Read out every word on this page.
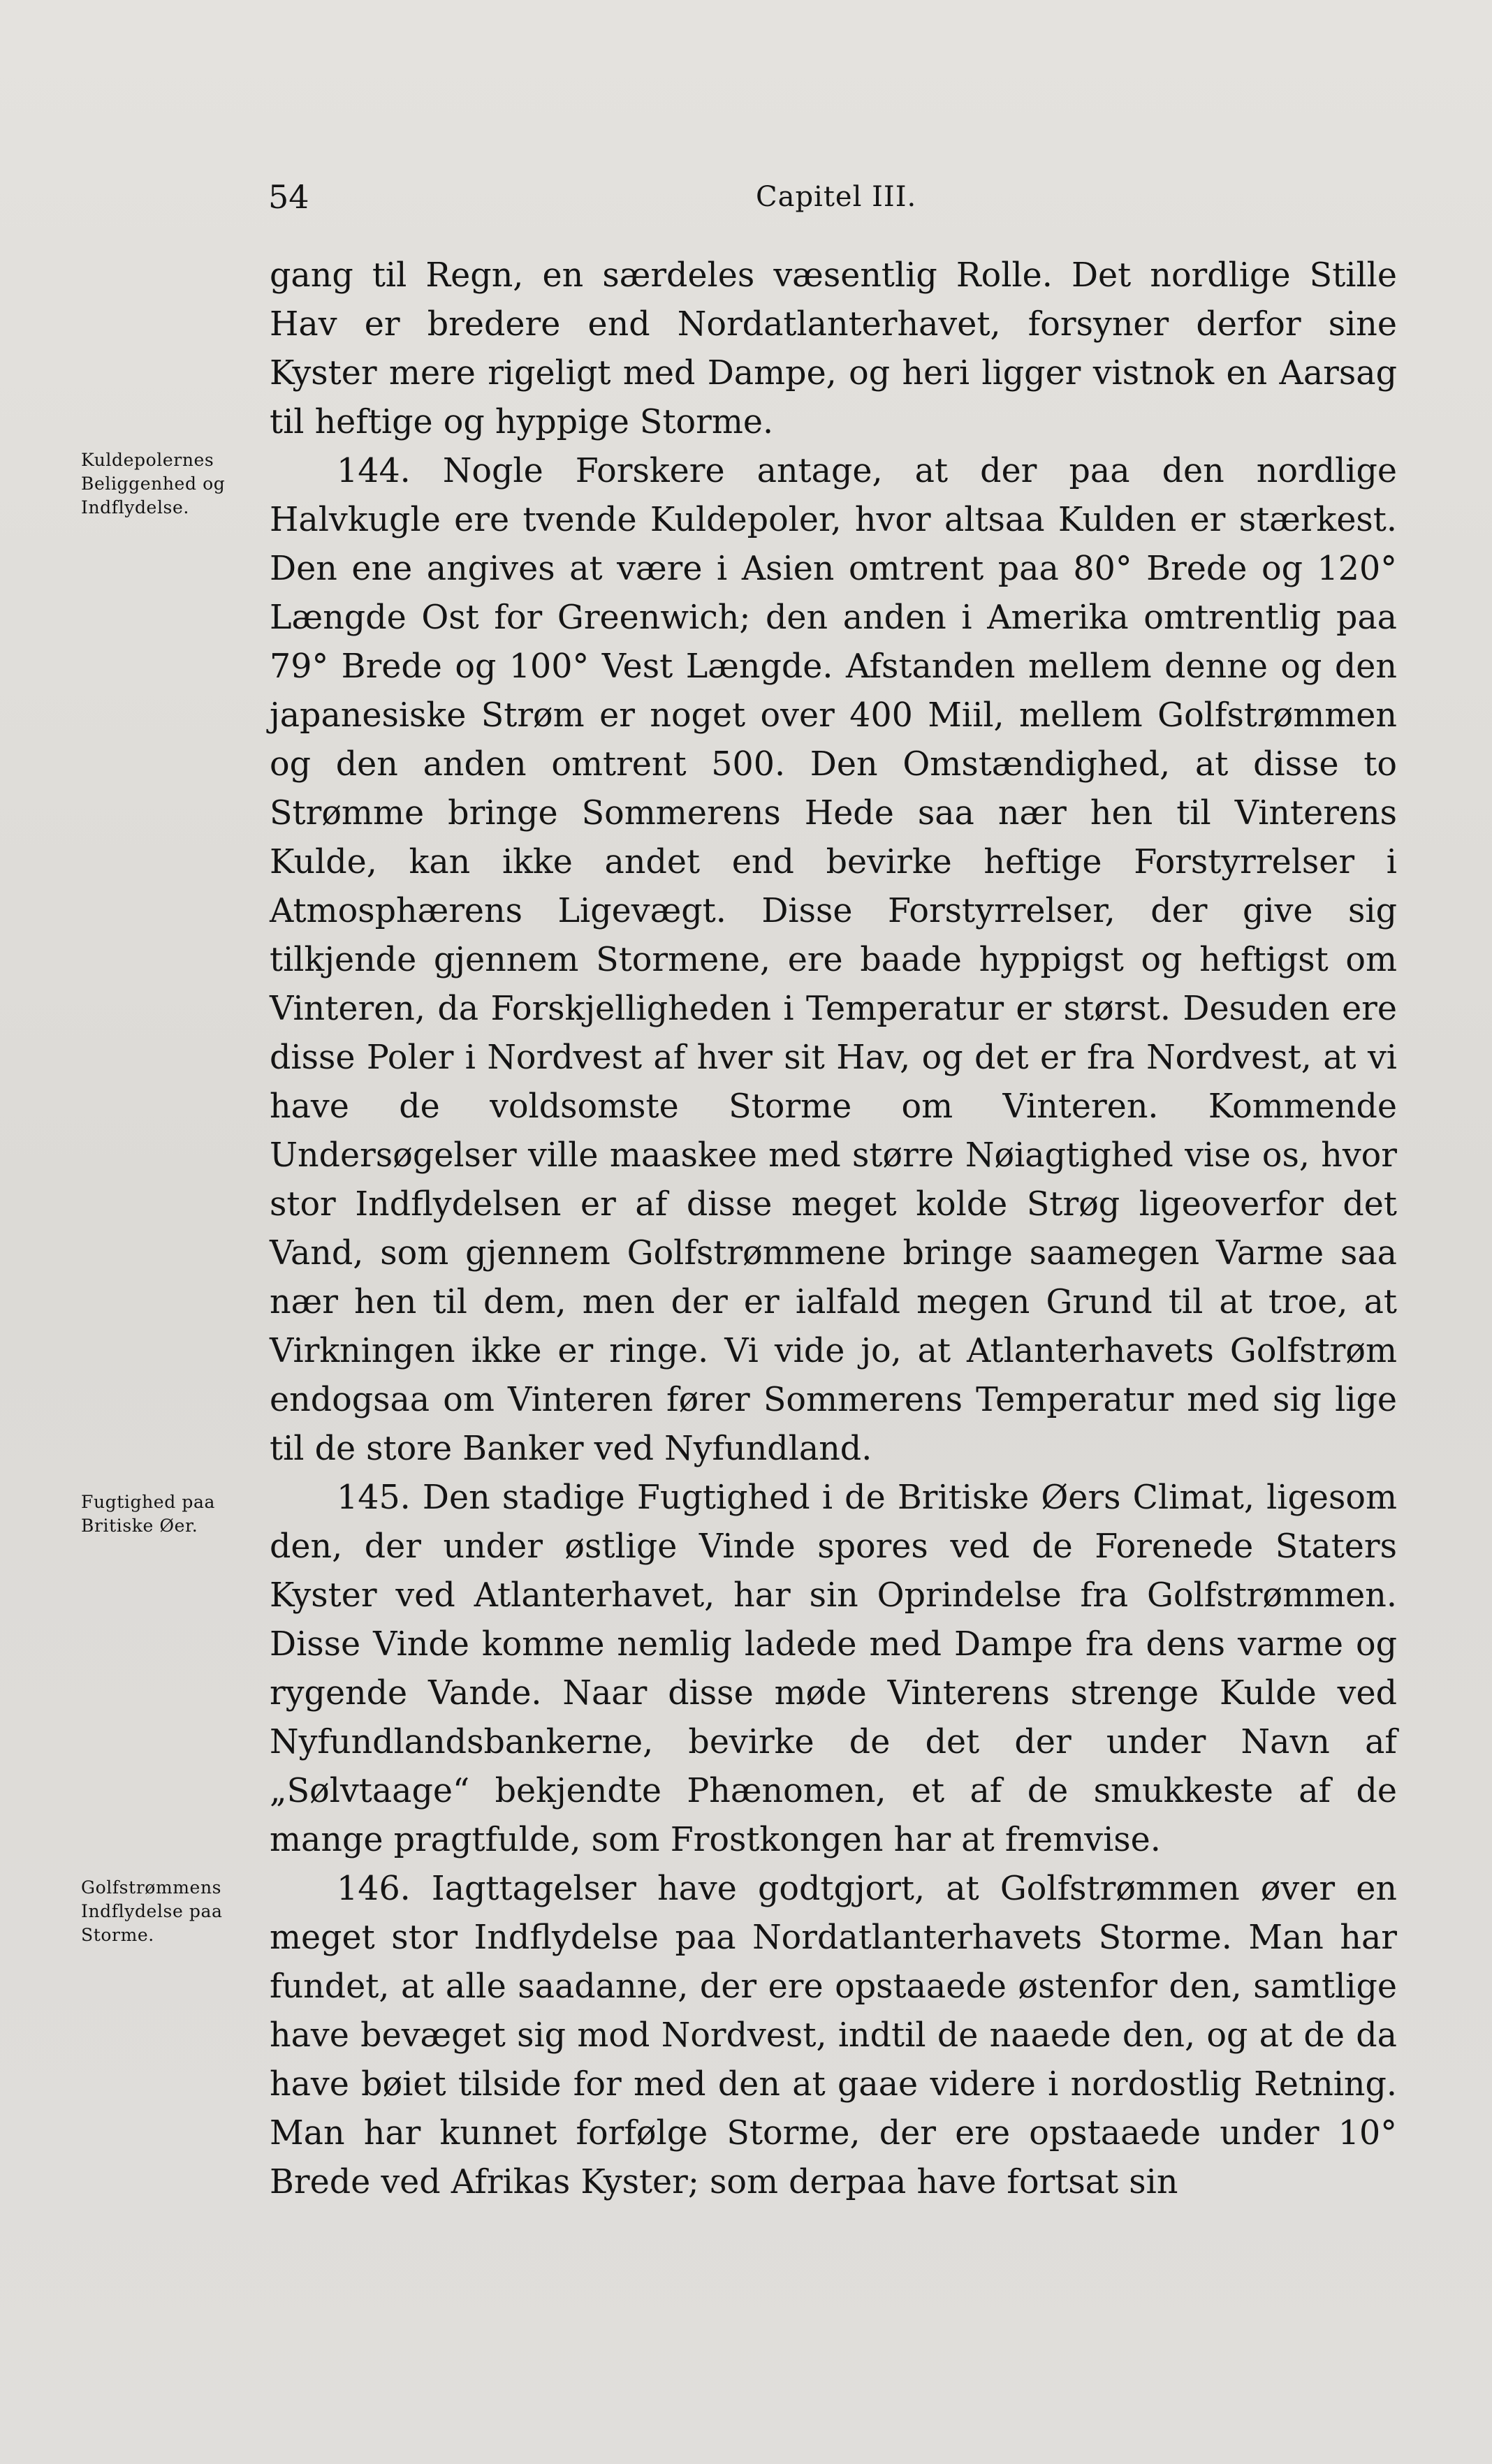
54	Capitel III.
Kuldepolernes
Beliggenhed og
Indflydelse.
Fugtighed paa
Britiske Øer.
Golfstrømmens
Indflydelse paa
Storme.

gang til Regn, en særdeles væsentlig Rolle. Det nordlige Stille Hav er bredere end Nordatlanterhavet, forsyner derfor sine Kyster mere rigeligt med Dampe, og heri ligger vistnok en Aarsag til heftige og hyppige Storme.

144. Nogle Forskere antage, at der paa den nordlige Halvkugle ere tvende Kuldepoler, hvor altsaa Kulden er stærkest. Den ene angives at være i Asien omtrent paa 80° Brede og 120° Længde Ost for Greenwich; den anden i Amerika omtrentlig paa 79° Brede og 100° Vest Længde. Afstanden mellem denne og den japanesiske Strøm er noget over 400 Miil, mellem Golfstrømmen og den anden omtrent 500. Den Omstændighed, at disse to Strømme bringe Sommerens Hede saa nær hen til Vinterens Kulde, kan ikke andet end bevirke heftige Forstyrrelser i Atmosphærens Ligevægt. Disse Forstyrrelser, der give sig tilkjende gjennem Stormene, ere baade hyppigst og heftigst om Vinteren, da Forskjelligheden i Temperatur er størst. Desuden ere disse Poler i Nordvest af hver sit Hav, og det er fra Nordvest, at vi have de voldsomste Storme om Vinteren. Kommende Undersøgelser ville maaskee med større Nøiagtighed vise os, hvor stor Indflydelsen er af disse meget kolde Strøg ligeoverfor det Vand, som gjennem Golfstrømmene bringe saamegen Varme saa nær hen til dem, men der er ialfald megen Grund til at troe, at Virkningen ikke er ringe. Vi vide jo, at Atlanterhavets Golfstrøm endogsaa om Vinteren fører Sommerens Temperatur med sig lige til de store Banker ved Nyfundland.

145. Den stadige Fugtighed i de Britiske Øers Climat, ligesom den, der under østlige Vinde spores ved de Forenede Staters Kyster ved Atlanterhavet, har sin Oprindelse fra Golfstrømmen. Disse Vinde komme nemlig ladede med Dampe fra dens varme og rygende Vande. Naar disse møde Vinterens strenge Kulde ved Nyfundlandsbankerne, bevirke de det der under Navn af „Sølvtaage“ bekjendte Phænomen, et af de smukkeste af de mange pragtfulde, som Frostkongen har at fremvise.

146. Iagttagelser have godtgjort, at Golfstrømmen øver en meget stor Indflydelse paa Nordatlanterhavets Storme. Man har fundet, at alle saadanne, der ere opstaaede østenfor den, samtlige have bevæget sig mod Nordvest, indtil de naaede den, og at de da have bøiet tilside for med den at gaae videre i nordostlig Retning. Man har kunnet forfølge Storme, der ere opstaaede under 10° Brede ved Afrikas Kyster; som derpaa have fortsat sin
